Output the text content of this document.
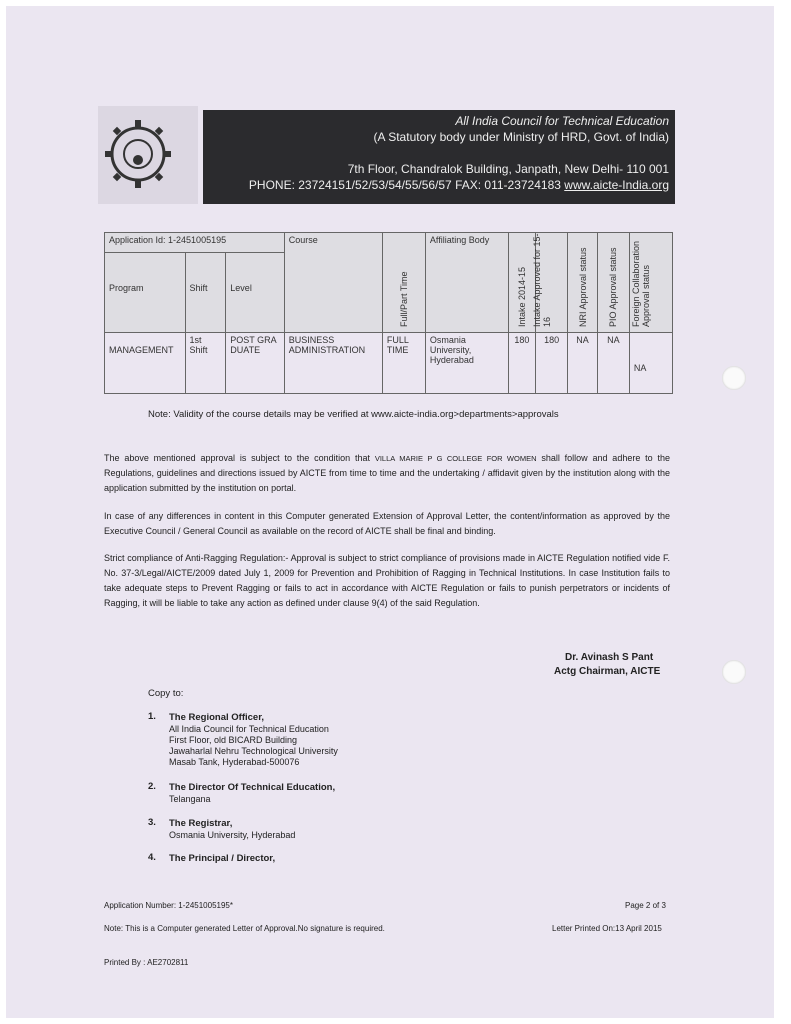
All India Council for Technical Education
(A Statutory body under Ministry of HRD, Govt. of India)
7th Floor, Chandralok Building, Janpath, New Delhi- 110 001
PHONE: 23724151/52/53/54/55/56/57 FAX: 011-23724183 www.aicte-India.org
Application Id: 1-2451005195			Course	Full/Part Time	Affiliating Body	Intake 2014-15	Intake Approved for 15-16	NRI Approval status	PIO Approval status	Foreign Collaboration Approval status

Program	Shift	Level								
MANAGEMENT	1st Shift	POST GRADUATE	BUSINESS ADMINISTRATION	FULL TIME	Osmania University, Hyderabad	180	180	NA	NA	NA
Note: Validity of the course details may be verified at www.aicte-india.org>departments>approvals
The above mentioned approval is subject to the condition that VILLA MARIE P G COLLEGE FOR WOMEN shall follow and adhere to the Regulations, guidelines and directions issued by AICTE from time to time and the undertaking / affidavit given by the institution along with the application submitted by the institution on portal.
In case of any differences in content in this Computer generated Extension of Approval Letter, the content/information as approved by the Executive Council / General Council as available on the record of AICTE shall be final and binding.
Strict compliance of Anti-Ragging Regulation:- Approval is subject to strict compliance of provisions made in AICTE Regulation notified vide F. No. 37-3/Legal/AICTE/2009 dated July 1, 2009 for Prevention and Prohibition of Ragging in Technical Institutions. In case Institution fails to take adequate steps to Prevent Ragging or fails to act in accordance with AICTE Regulation or fails to punish perpetrators or incidents of Ragging, it will be liable to take any action as defined under clause 9(4) of the said Regulation.
Dr. Avinash S Pant
Actg Chairman, AICTE
Copy to:
1. The Regional Officer,
All India Council for Technical Education
First Floor, old BICARD Building
Jawaharlal Nehru Technological University
Masab Tank, Hyderabad-500076
2. The Director Of Technical Education,
Telangana
3. The Registrar,
Osmania University, Hyderabad
4. The Principal / Director,
Application Number: 1-2451005195*	Page 2 of 3
Note: This is a Computer generated Letter of Approval.No signature is required.	Letter Printed On:13 April 2015
Printed By : AE2702811
